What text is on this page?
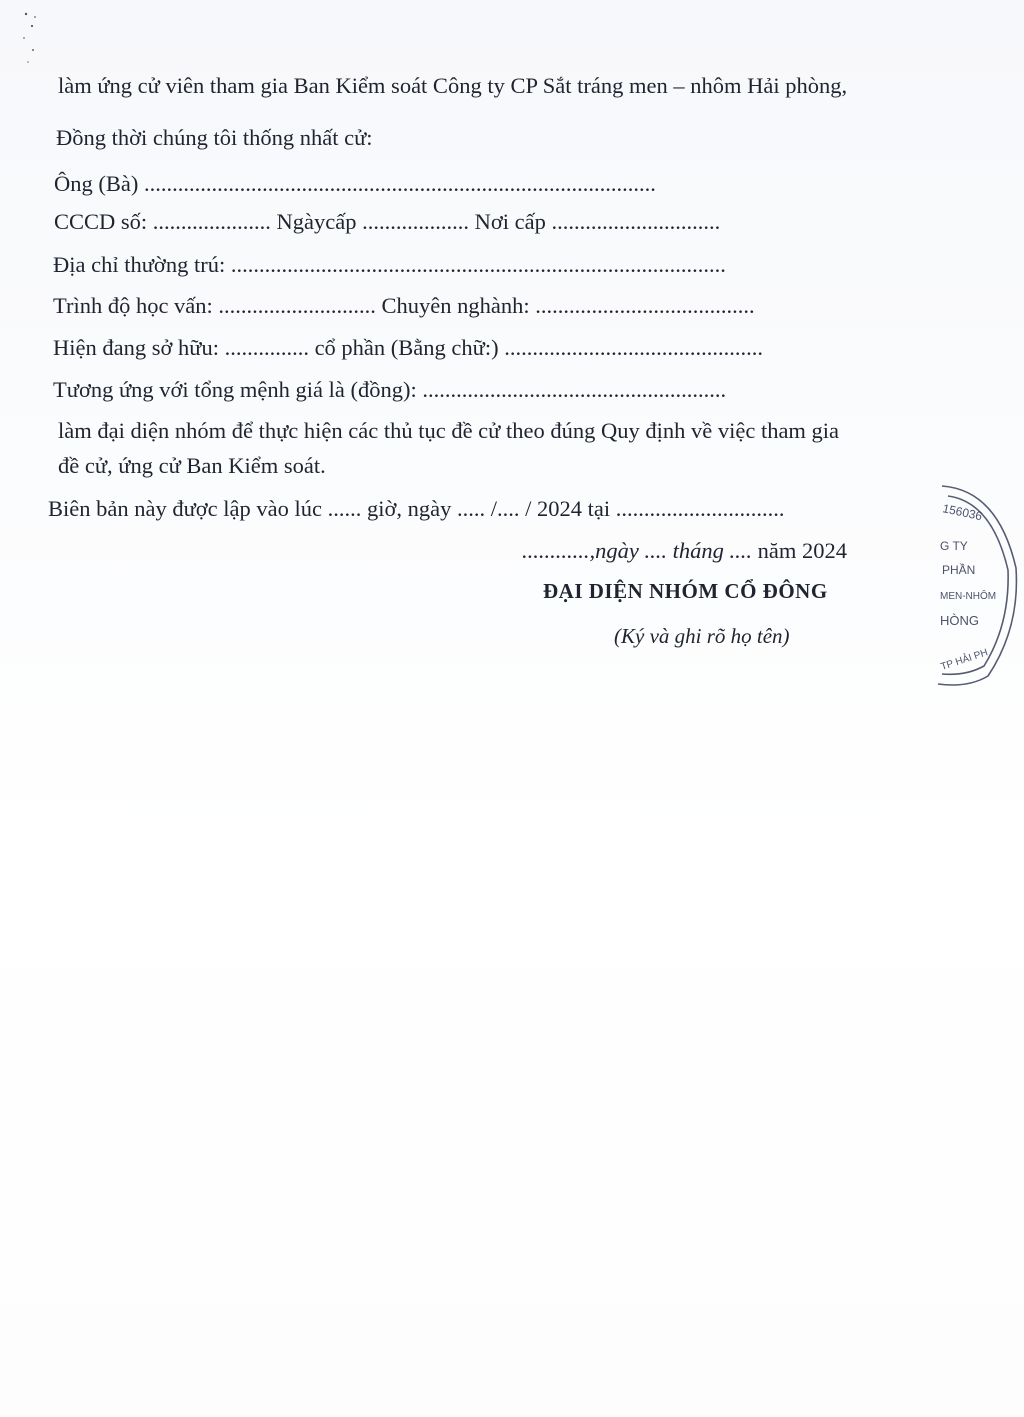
làm ứng cử viên tham gia Ban Kiểm soát Công ty CP Sắt tráng men – nhôm Hải phòng,
Đồng thời chúng tôi thống nhất cử:
Ông (Bà) ...........................................................................................
CCCD số: ..................... Ngàycấp ................... Nơi cấp ..............................
Địa chỉ thường trú: ........................................................................................
Trình độ học vấn: ............................ Chuyên nghành: .......................................
Hiện đang sở hữu: ............... cổ phần (Bằng chữ:) ..............................................
Tương ứng với tổng mệnh giá là (đồng): ......................................................
làm đại diện nhóm để thực hiện các thủ tục đề cử theo đúng Quy định về việc tham gia
đề cử, ứng cử Ban Kiểm soát.
Biên bản này được lập vào lúc ...... giờ, ngày ..... /.... / 2024 tại ..............................
............,ngày .... tháng .... năm 2024
ĐẠI DIỆN NHÓM CỔ ĐÔNG
(Ký và ghi rõ họ tên)
156036
G TY
PHẦN
MEN-NHÔM
HÒNG
TP HẢI PH
